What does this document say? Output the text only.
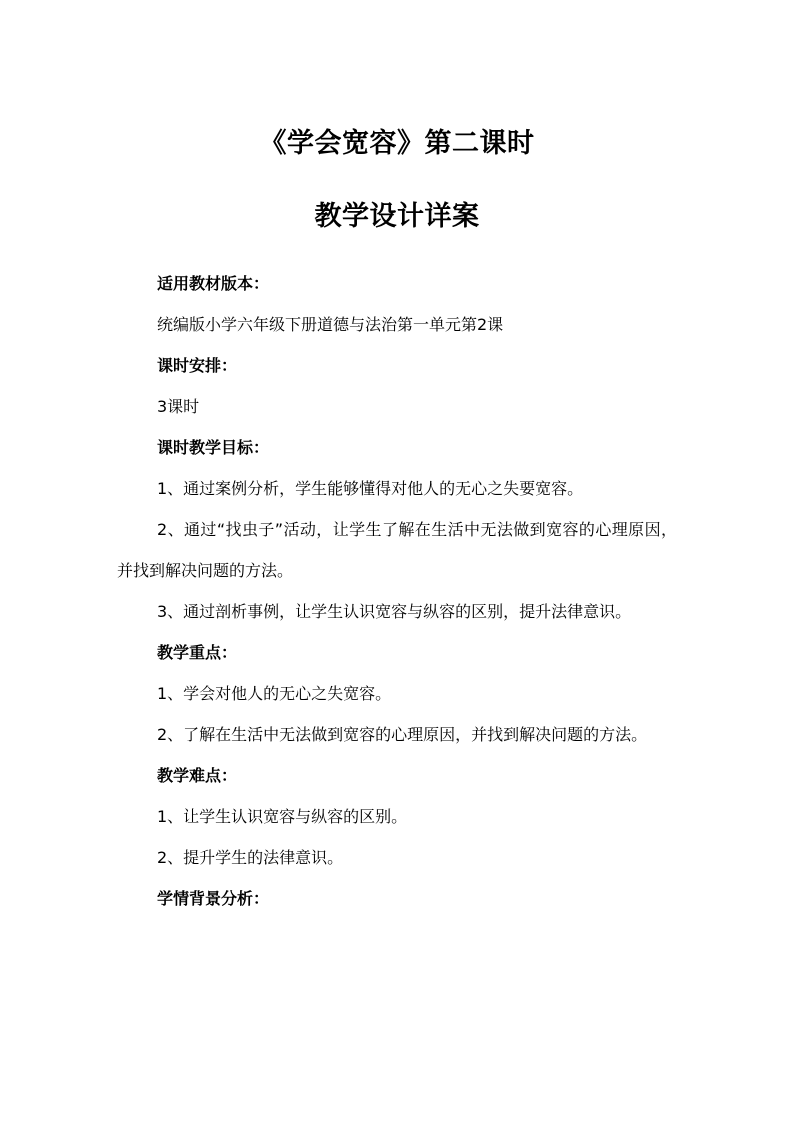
《学会宽容》第二课时
教学设计详案

适用教材版本：

统编版小学六年级下册道德与法治第一单元第2课

课时安排：

3课时

课时教学目标：

1、通过案例分析，学生能够懂得对他人的无心之失要宽容。

2、通过“找虫子”活动，让学生了解在生活中无法做到宽容的心理原因，并找到解决问题的方法。

3、通过剖析事例，让学生认识宽容与纵容的区别，提升法律意识。

教学重点：

1、学会对他人的无心之失宽容。

2、了解在生活中无法做到宽容的心理原因，并找到解决问题的方法。

教学难点：

1、让学生认识宽容与纵容的区别。

2、提升学生的法律意识。

学情背景分析：
